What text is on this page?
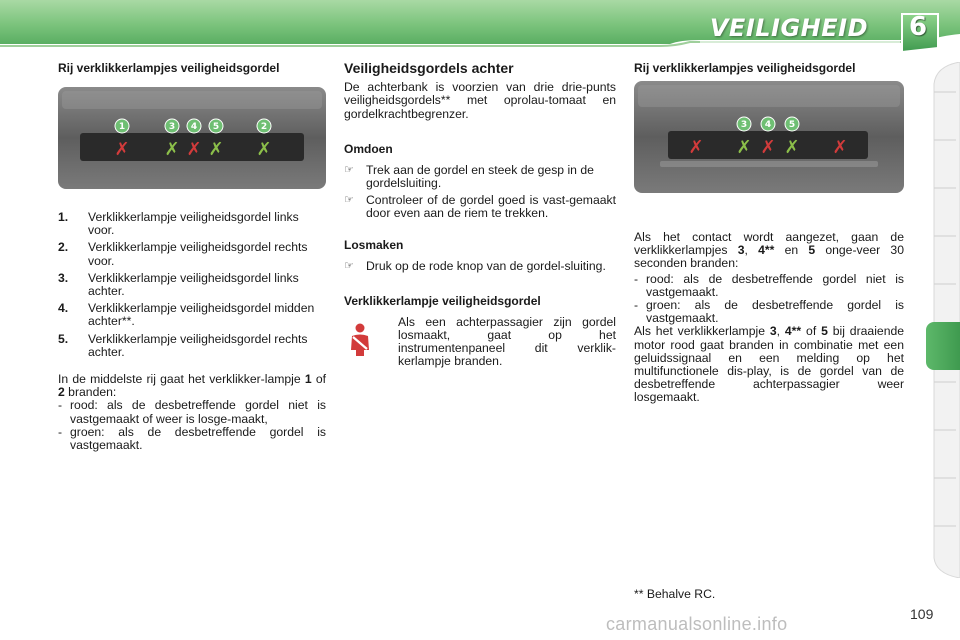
VEILIGHEID	6

Rij verklikkerlampjes veiligheidsgordel

✗ ✗ ✗ ✗ ✗
1	3 4 5	2
1.	Verklikkerlampje veiligheidsgordel links voor.
2.	Verklikkerlampje veiligheidsgordel rechts voor.
3.	Verklikkerlampje veiligheidsgordel links achter.
4.	Verklikkerlampje veiligheidsgordel midden achter**.
5.	Verklikkerlampje veiligheidsgordel rechts achter.

In de middelste rij gaat het verklikker-lampje 1 of 2 branden:

- rood: als de desbetreffende gordel niet is vastgemaakt of weer is losge-maakt,
- groen: als de desbetreffende gordel is vastgemaakt.

Veiligheidsgordels achter

De achterbank is voorzien van drie drie-punts veiligheidsgordels** met oprolau-tomaat en gordelkrachtbegrenzer.

Omdoen

☞ Trek aan de gordel en steek de gesp in de gordelsluiting.
☞ Controleer of de gordel goed is vast-gemaakt door even aan de riem te trekken.

Losmaken

☞ Druk op de rode knop van de gordel-sluiting.

Verklikkerlampje veiligheidsgordel

Als een achterpassagier zijn gordel losmaakt, gaat op het instrumentenpaneel dit verklik-kerlampje branden.

Rij verklikkerlampjes veiligheidsgordel

✗ ✗ ✗ ✗ ✗
3 4 5

Als het contact wordt aangezet, gaan de verklikkerlampjes 3, 4** en 5 onge-veer 30 seconden branden:

- rood: als de desbetreffende gordel niet is vastgemaakt.
- groen: als de desbetreffende gordel is vastgemaakt.

Als het verklikkerlampje 3, 4** of 5 bij draaiende motor rood gaat branden in combinatie met een geluidssignaal en een melding op het multifunctionele dis-play, is de gordel van de desbetreffende achterpassagier weer losgemaakt.

** Behalve RC.
carmanualsonline.info	109
